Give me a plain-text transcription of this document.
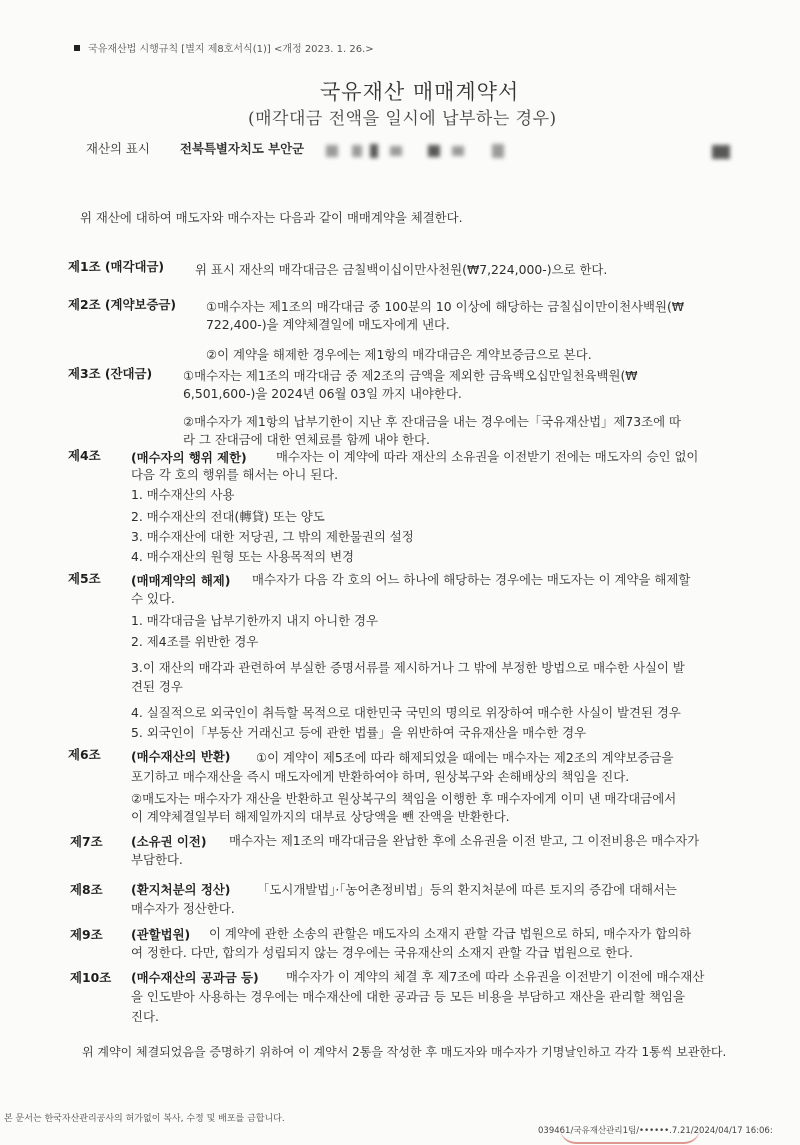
국유재산법 시행규칙 [별지 제8호서식(1)] <개정 2023. 1. 26.>
국유재산 매매계약서
(매각대금 전액을 일시에 납부하는 경우)
재산의 표시 전북특별자치도 부안군
위 재산에 대하여 매도자와 매수자는 다음과 같이 매매계약을 체결한다.
제1조 (매각대금) 위 표시 재산의 매각대금은 금칠백이십이만사천원(₩7,224,000-)으로 한다.
제2조 (계약보증금) ①매수자는 제1조의 매각대금 중 100분의 10 이상에 해당하는 금칠십이만이천사백원(₩
722,400-)을 계약체결일에 매도자에게 낸다.
②이 계약을 해제한 경우에는 제1항의 매각대금은 계약보증금으로 본다.
제3조 (잔대금) ①매수자는 제1조의 매각대금 중 제2조의 금액을 제외한 금육백오십만일천육백원(₩
6,501,600-)을 2024년 06월 03일 까지 내야한다.
②매수자가 제1항의 납부기한이 지난 후 잔대금을 내는 경우에는「국유재산법」제73조에 따
라 그 잔대금에 대한 연체료를 함께 내야 한다.
제4조 (매수자의 행위 제한) 매수자는 이 계약에 따라 재산의 소유권을 이전받기 전에는 매도자의 승인 없이
다음 각 호의 행위를 해서는 아니 된다.
1. 매수재산의 사용
2. 매수재산의 전대(轉貸) 또는 양도
3. 매수재산에 대한 저당권, 그 밖의 제한물권의 설정
4. 매수재산의 원형 또는 사용목적의 변경
제5조 (매매계약의 해제) 매수자가 다음 각 호의 어느 하나에 해당하는 경우에는 매도자는 이 계약을 해제할
수 있다.
1. 매각대금을 납부기한까지 내지 아니한 경우
2. 제4조를 위반한 경우
3.이 재산의 매각과 관련하여 부실한 증명서류를 제시하거나 그 밖에 부정한 방법으로 매수한 사실이 발
견된 경우
4. 실질적으로 외국인이 취득할 목적으로 대한민국 국민의 명의로 위장하여 매수한 사실이 발견된 경우
5. 외국인이「부동산 거래신고 등에 관한 법률」을 위반하여 국유재산을 매수한 경우
제6조 (매수재산의 반환) ①이 계약이 제5조에 따라 해제되었을 때에는 매수자는 제2조의 계약보증금을
포기하고 매수재산을 즉시 매도자에게 반환하여야 하며, 원상복구와 손해배상의 책임을 진다.
②매도자는 매수자가 재산을 반환하고 원상복구의 책임을 이행한 후 매수자에게 이미 낸 매각대금에서
이 계약체결일부터 해제일까지의 대부료 상당액을 뺀 잔액을 반환한다.
제7조 (소유권 이전) 매수자는 제1조의 매각대금을 완납한 후에 소유권을 이전 받고, 그 이전비용은 매수자가
부담한다.
제8조 (환지처분의 정산) 「도시개발법」·「농어촌정비법」등의 환지처분에 따른 토지의 증감에 대해서는
매수자가 정산한다.
제9조 (관할법원) 이 계약에 관한 소송의 관할은 매도자의 소재지 관할 각급 법원으로 하되, 매수자가 합의하
여 정한다. 다만, 합의가 성립되지 않는 경우에는 국유재산의 소재지 관할 각급 법원으로 한다.
제10조 (매수재산의 공과금 등) 매수자가 이 계약의 체결 후 제7조에 따라 소유권을 이전받기 이전에 매수재산
을 인도받아 사용하는 경우에는 매수재산에 대한 공과금 등 모든 비용을 부담하고 재산을 관리할 책임을
진다.
위 계약이 체결되었음을 증명하기 위하여 이 계약서 2통을 작성한 후 매도자와 매수자가 기명날인하고 각각 1통씩 보관한다.
본 문서는 한국자산관리공사의 허가없이 복사, 수정 및 배포를 금합니다.
039461/국유재산관리1팀/••••••.7.21/2024/04/17 16:06:
